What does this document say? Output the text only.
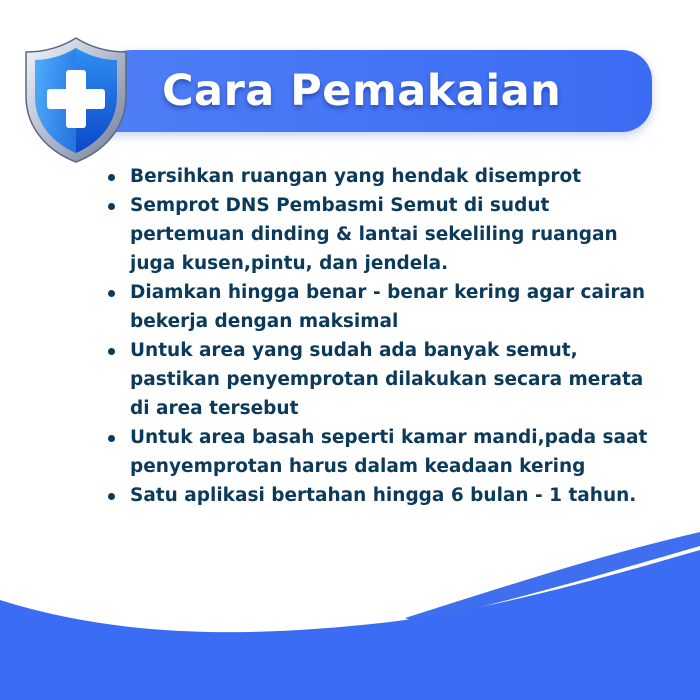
Cara Pemakaian
Bersihkan ruangan yang hendak disemprot
Semprot DNS Pembasmi Semut di sudut
pertemuan dinding & lantai sekeliling ruangan
juga kusen,pintu, dan jendela.
Diamkan hingga benar - benar kering agar cairan
bekerja dengan maksimal
Untuk area yang sudah ada banyak semut,
pastikan penyemprotan dilakukan secara merata
di area tersebut
Untuk area basah seperti kamar mandi,pada saat
penyemprotan harus dalam keadaan kering
Satu aplikasi bertahan hingga 6 bulan - 1 tahun.
